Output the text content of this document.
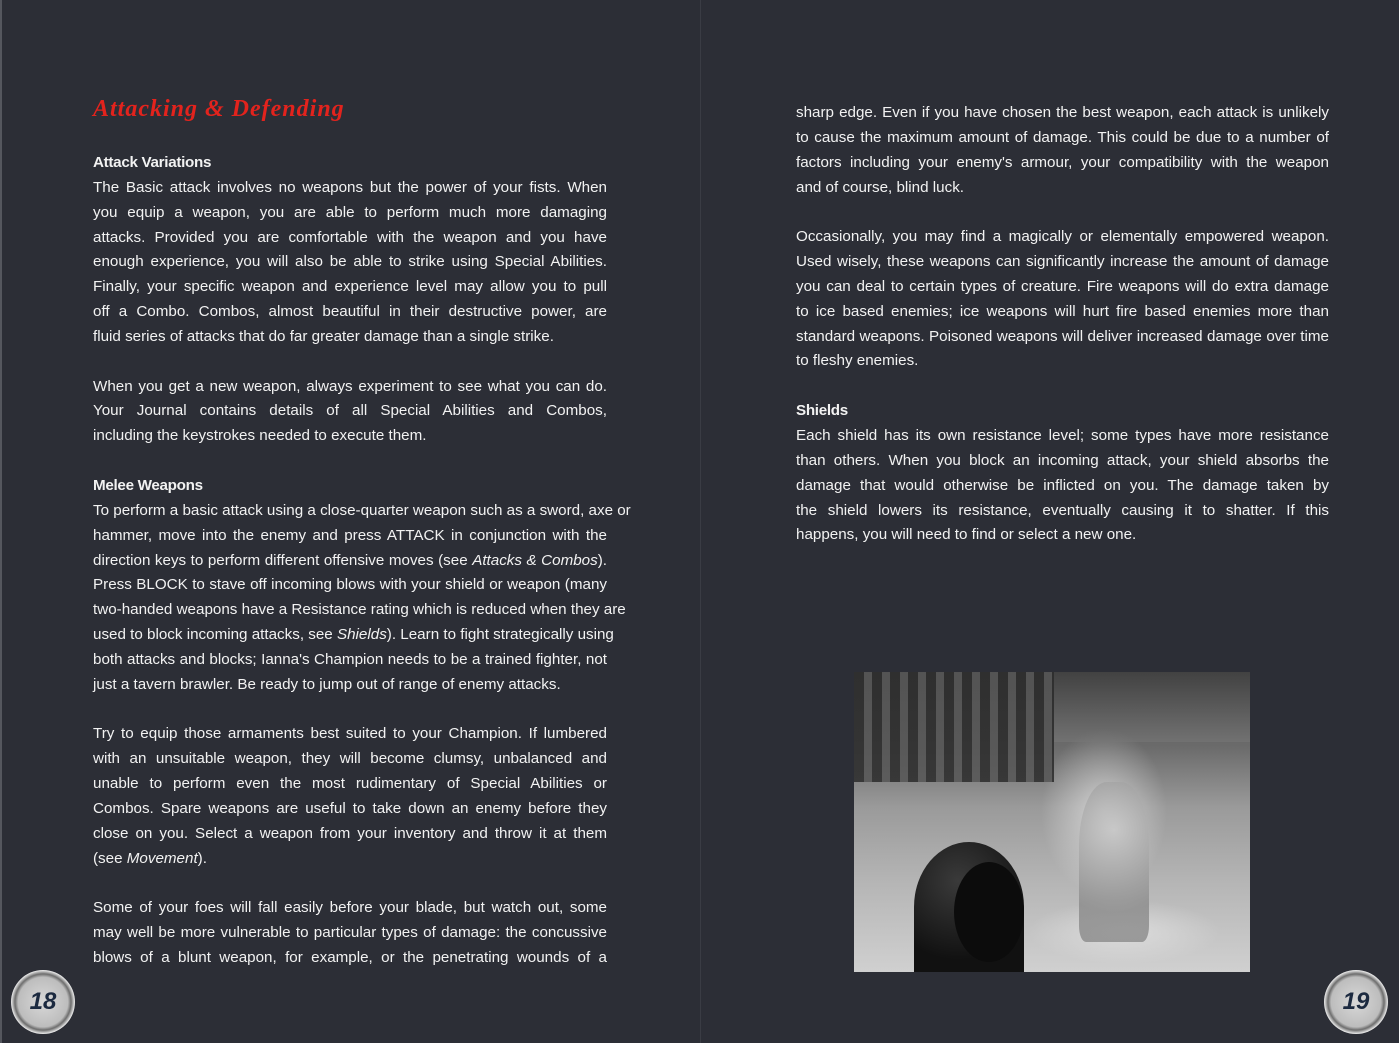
Attacking & Defending
Attack Variations
The Basic attack involves no weapons but the power of your fists. When
you equip a weapon, you are able to perform much more damaging
attacks. Provided you are comfortable with the weapon and you have
enough experience, you will also be able to strike using Special Abilities.
Finally, your specific weapon and experience level may allow you to pull
off a Combo. Combos, almost beautiful in their destructive power, are
fluid series of attacks that do far greater damage than a single strike.
When you get a new weapon, always experiment to see what you can do.
Your Journal contains details of all Special Abilities and Combos,
including the keystrokes needed to execute them.
Melee Weapons
To perform a basic attack using a close-quarter weapon such as a sword, axe or
hammer, move into the enemy and press ATTACK in conjunction with the
direction keys to perform different offensive moves (see Attacks & Combos).
Press BLOCK to stave off incoming blows with your shield or weapon (many
two-handed weapons have a Resistance rating which is reduced when they are
used to block incoming attacks, see Shields). Learn to fight strategically using
both attacks and blocks; Ianna's Champion needs to be a trained fighter, not
just a tavern brawler. Be ready to jump out of range of enemy attacks.
Try to equip those armaments best suited to your Champion. If lumbered
with an unsuitable weapon, they will become clumsy, unbalanced and
unable to perform even the most rudimentary of Special Abilities or
Combos. Spare weapons are useful to take down an enemy before they
close on you. Select a weapon from your inventory and throw it at them
(see Movement).
Some of your foes will fall easily before your blade, but watch out, some
may well be more vulnerable to particular types of damage: the concussive
blows of a blunt weapon, for example, or the penetrating wounds of a
18
sharp edge. Even if you have chosen the best weapon, each attack is unlikely
to cause the maximum amount of damage. This could be due to a number of
factors including your enemy's armour, your compatibility with the weapon
and of course, blind luck.
Occasionally, you may find a magically or elementally empowered weapon.
Used wisely, these weapons can significantly increase the amount of damage
you can deal to certain types of creature. Fire weapons will do extra damage
to ice based enemies; ice weapons will hurt fire based enemies more than
standard weapons. Poisoned weapons will deliver increased damage over time
to fleshy enemies.
Shields
Each shield has its own resistance level; some types have more resistance
than others. When you block an incoming attack, your shield absorbs the
damage that would otherwise be inflicted on you. The damage taken by
the shield lowers its resistance, eventually causing it to shatter. If this
happens, you will need to find or select a new one.
19
